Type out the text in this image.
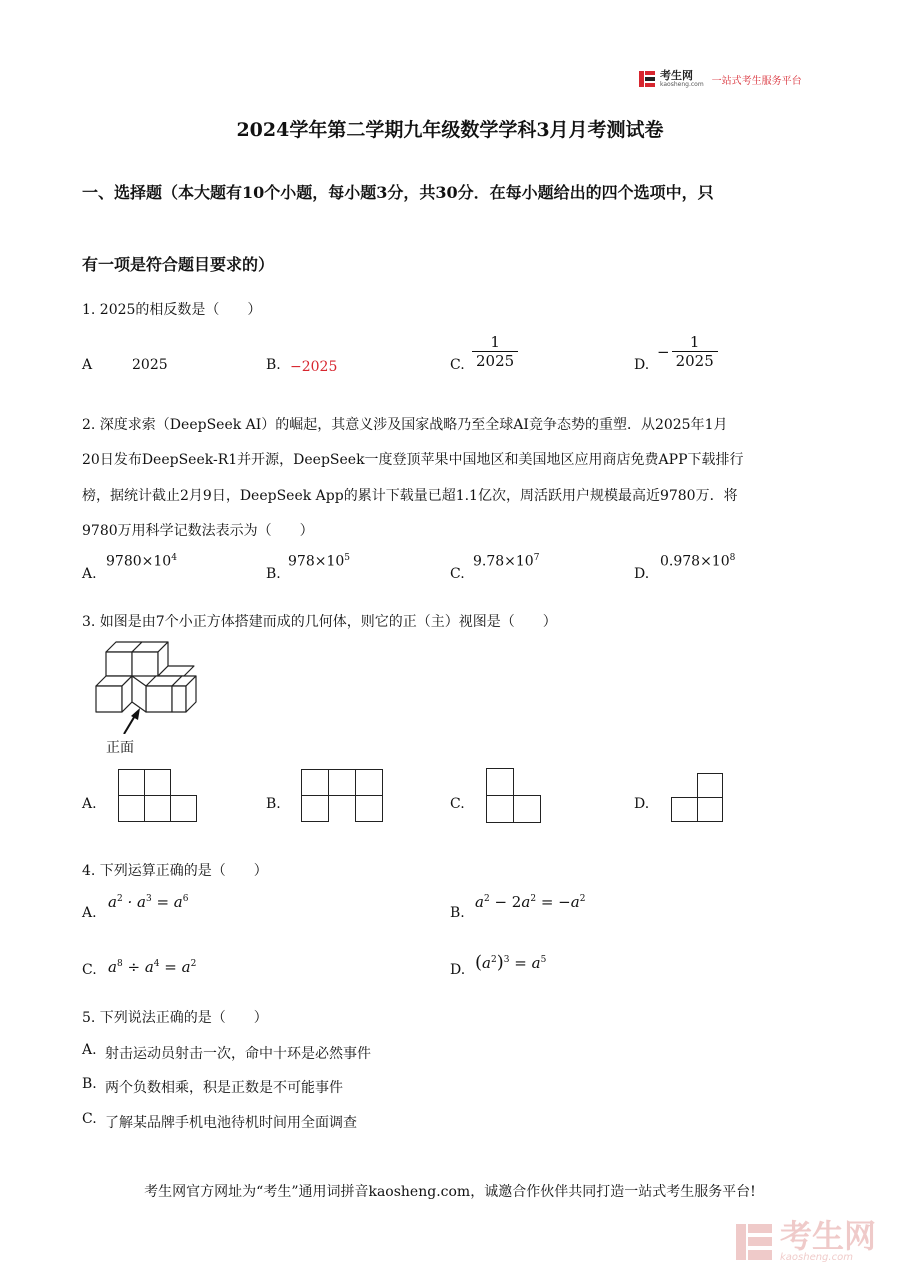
考生网
kaosheng.com 一站式考生服务平台
2024学年第二学期九年级数学学科3月月考测试卷
一、选择题（本大题有10个小题，每小题3分，共30分．在每小题给出的四个选项中，只
有一项是符合题目要求的）
1. 2025的相反数是（　　）
A	2025	B. −2025	C. $\frac{1}{2025}$	D.
− $\frac{1}{2025}$
2. 深度求索（DeepSeek AI）的崛起，其意义涉及国家战略乃至全球AI竞争态势的重塑．从2025年1月
20日发布DeepSeek-R1并开源，DeepSeek一度登顶苹果中国地区和美国地区应用商店免费APP下载排行
榜，据统计截止2月9日，DeepSeek App的累计下载量已超1.1亿次，周活跃用户规模最高近9780万．将
9780万用科学记数法表示为（　　）
A.
$9780\times 10^4$
B.
$978\times 10^5$
C.
$9.78\times 10^7$
D.
$0.978\times 10^8$
3. 如图是由7个小正方体搭建而成的几何体，则它的正（主）视图是（　　）
正面
A.	B.	C.	D.
4. 下列运算正确的是（　　）
A.
$a^2 \cdot a^3 = a^6$
B.
$a^2 - 2a^2 = -a^2$
C. $a^8 \div a^4 = a^2$	D. $(a^2)^3 = a^5$
5. 下列说法正确的是（　　）
A. 射击运动员射击一次，命中十环是必然事件
B. 两个负数相乘，积是正数是不可能事件
C. 了解某品牌手机电池待机时间用全面调查
考生网官方网址为“考生”通用词拼音kaosheng.com，诚邀合作伙伴共同打造一站式考生服务平台!
考生网
kaosheng.com
